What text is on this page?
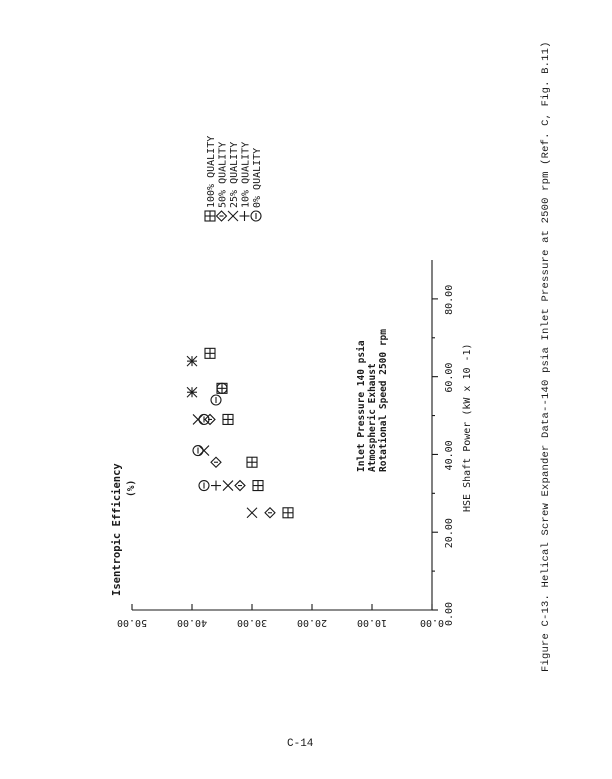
0.00
20.00
40.00
60.00
80.00
0.00
10.00
20.00
30.00
40.00
50.00
100% QUALITY 50% QUALITY 25% QUALITY 10% QUALITY 0% QUALITY
HSE Shaft Power (kW x 10 -1)
Isentropic Efficiency (%)
Inlet Pressure 140 psia Atmospheric Exhaust Rotational Speed 2500 rpm	Figure C-13. Helical Screw Expander Data--140 psia Inlet Pressure at 2500 rpm (Ref. C, Fig. B.11)
C-14
